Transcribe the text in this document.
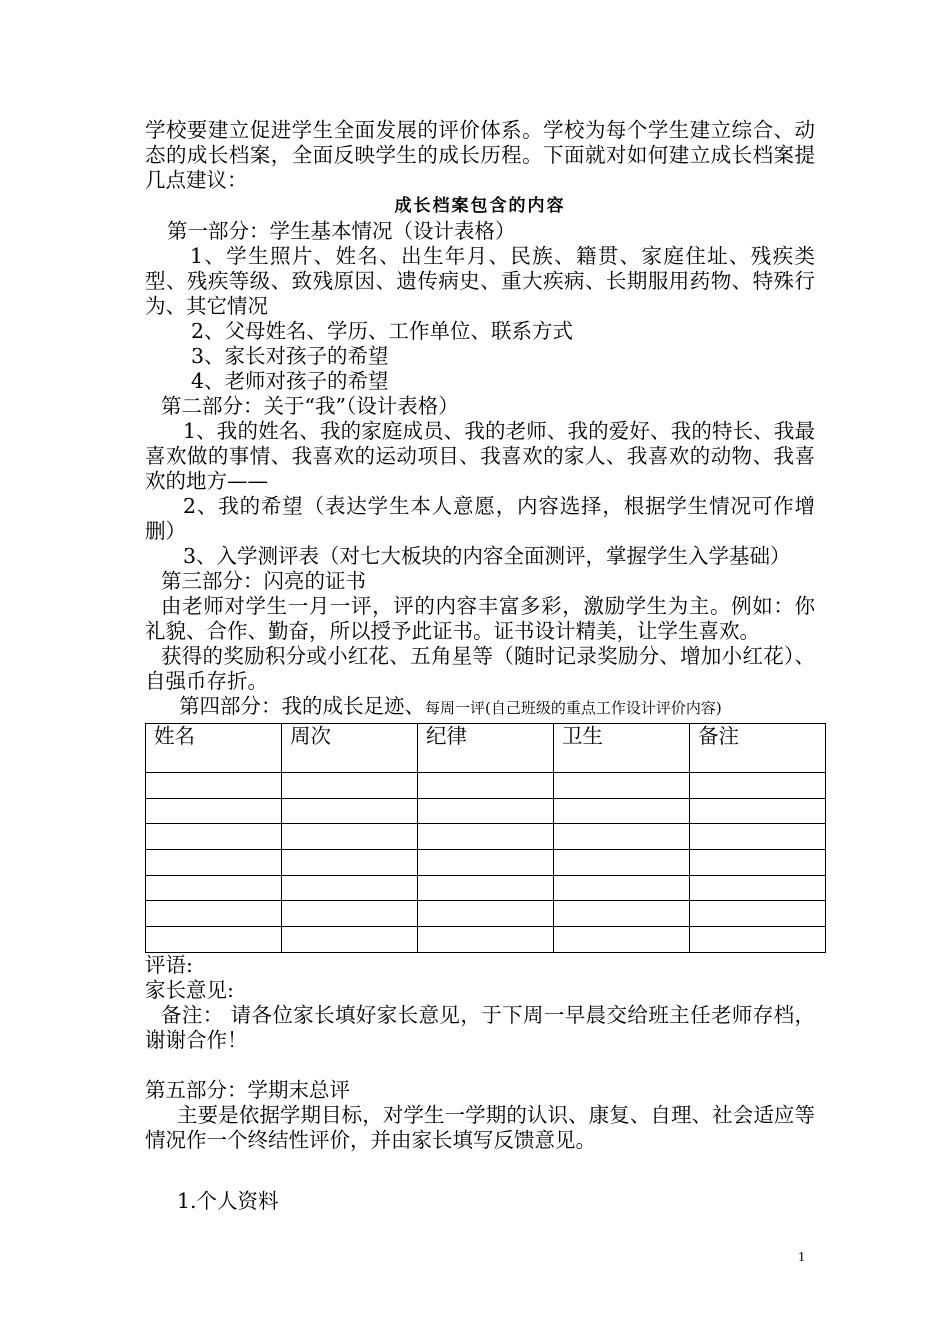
学校要建立促进学生全面发展的评价体系。学校为每个学生建立综合、动态的成长档案，全面反映学生的成长历程。下面就对如何建立成长档案提几点建议：

成长档案包含的内容

第一部分：学生基本情况（设计表格）

1、学生照片、姓名、出生年月、民族、籍贯、家庭住址、残疾类型、残疾等级、致残原因、遗传病史、重大疾病、长期服用药物、特殊行为、其它情况

2、父母姓名、学历、工作单位、联系方式

3、家长对孩子的希望

4、老师对孩子的希望

第二部分：关于“我”（设计表格）

1、我的姓名、我的家庭成员、我的老师、我的爱好、我的特长、我最喜欢做的事情、我喜欢的运动项目、我喜欢的家人、我喜欢的动物、我喜欢的地方——

2、我的希望（表达学生本人意愿，内容选择，根据学生情况可作增删）

3、入学测评表（对七大板块的内容全面测评，掌握学生入学基础）

第三部分：闪亮的证书

由老师对学生一月一评，评的内容丰富多彩，激励学生为主。例如：你礼貌、合作、勤奋，所以授予此证书。证书设计精美，让学生喜欢。

获得的奖励积分或小红花、五角星等（随时记录奖励分、增加小红花）、自强币存折。

第四部分：我的成长足迹、每周一评(自己班级的重点工作设计评价内容)

姓名	周次	纪律	卫生	备注

评语:

家长意见:

备注： 请各位家长填好家长意见，于下周一早晨交给班主任老师存档，谢谢合作！

第五部分：学期末总评

主要是依据学期目标，对学生一学期的认识、康复、自理、社会适应等情况作一个终结性评价，并由家长填写反馈意见。

1.个人资料

1
